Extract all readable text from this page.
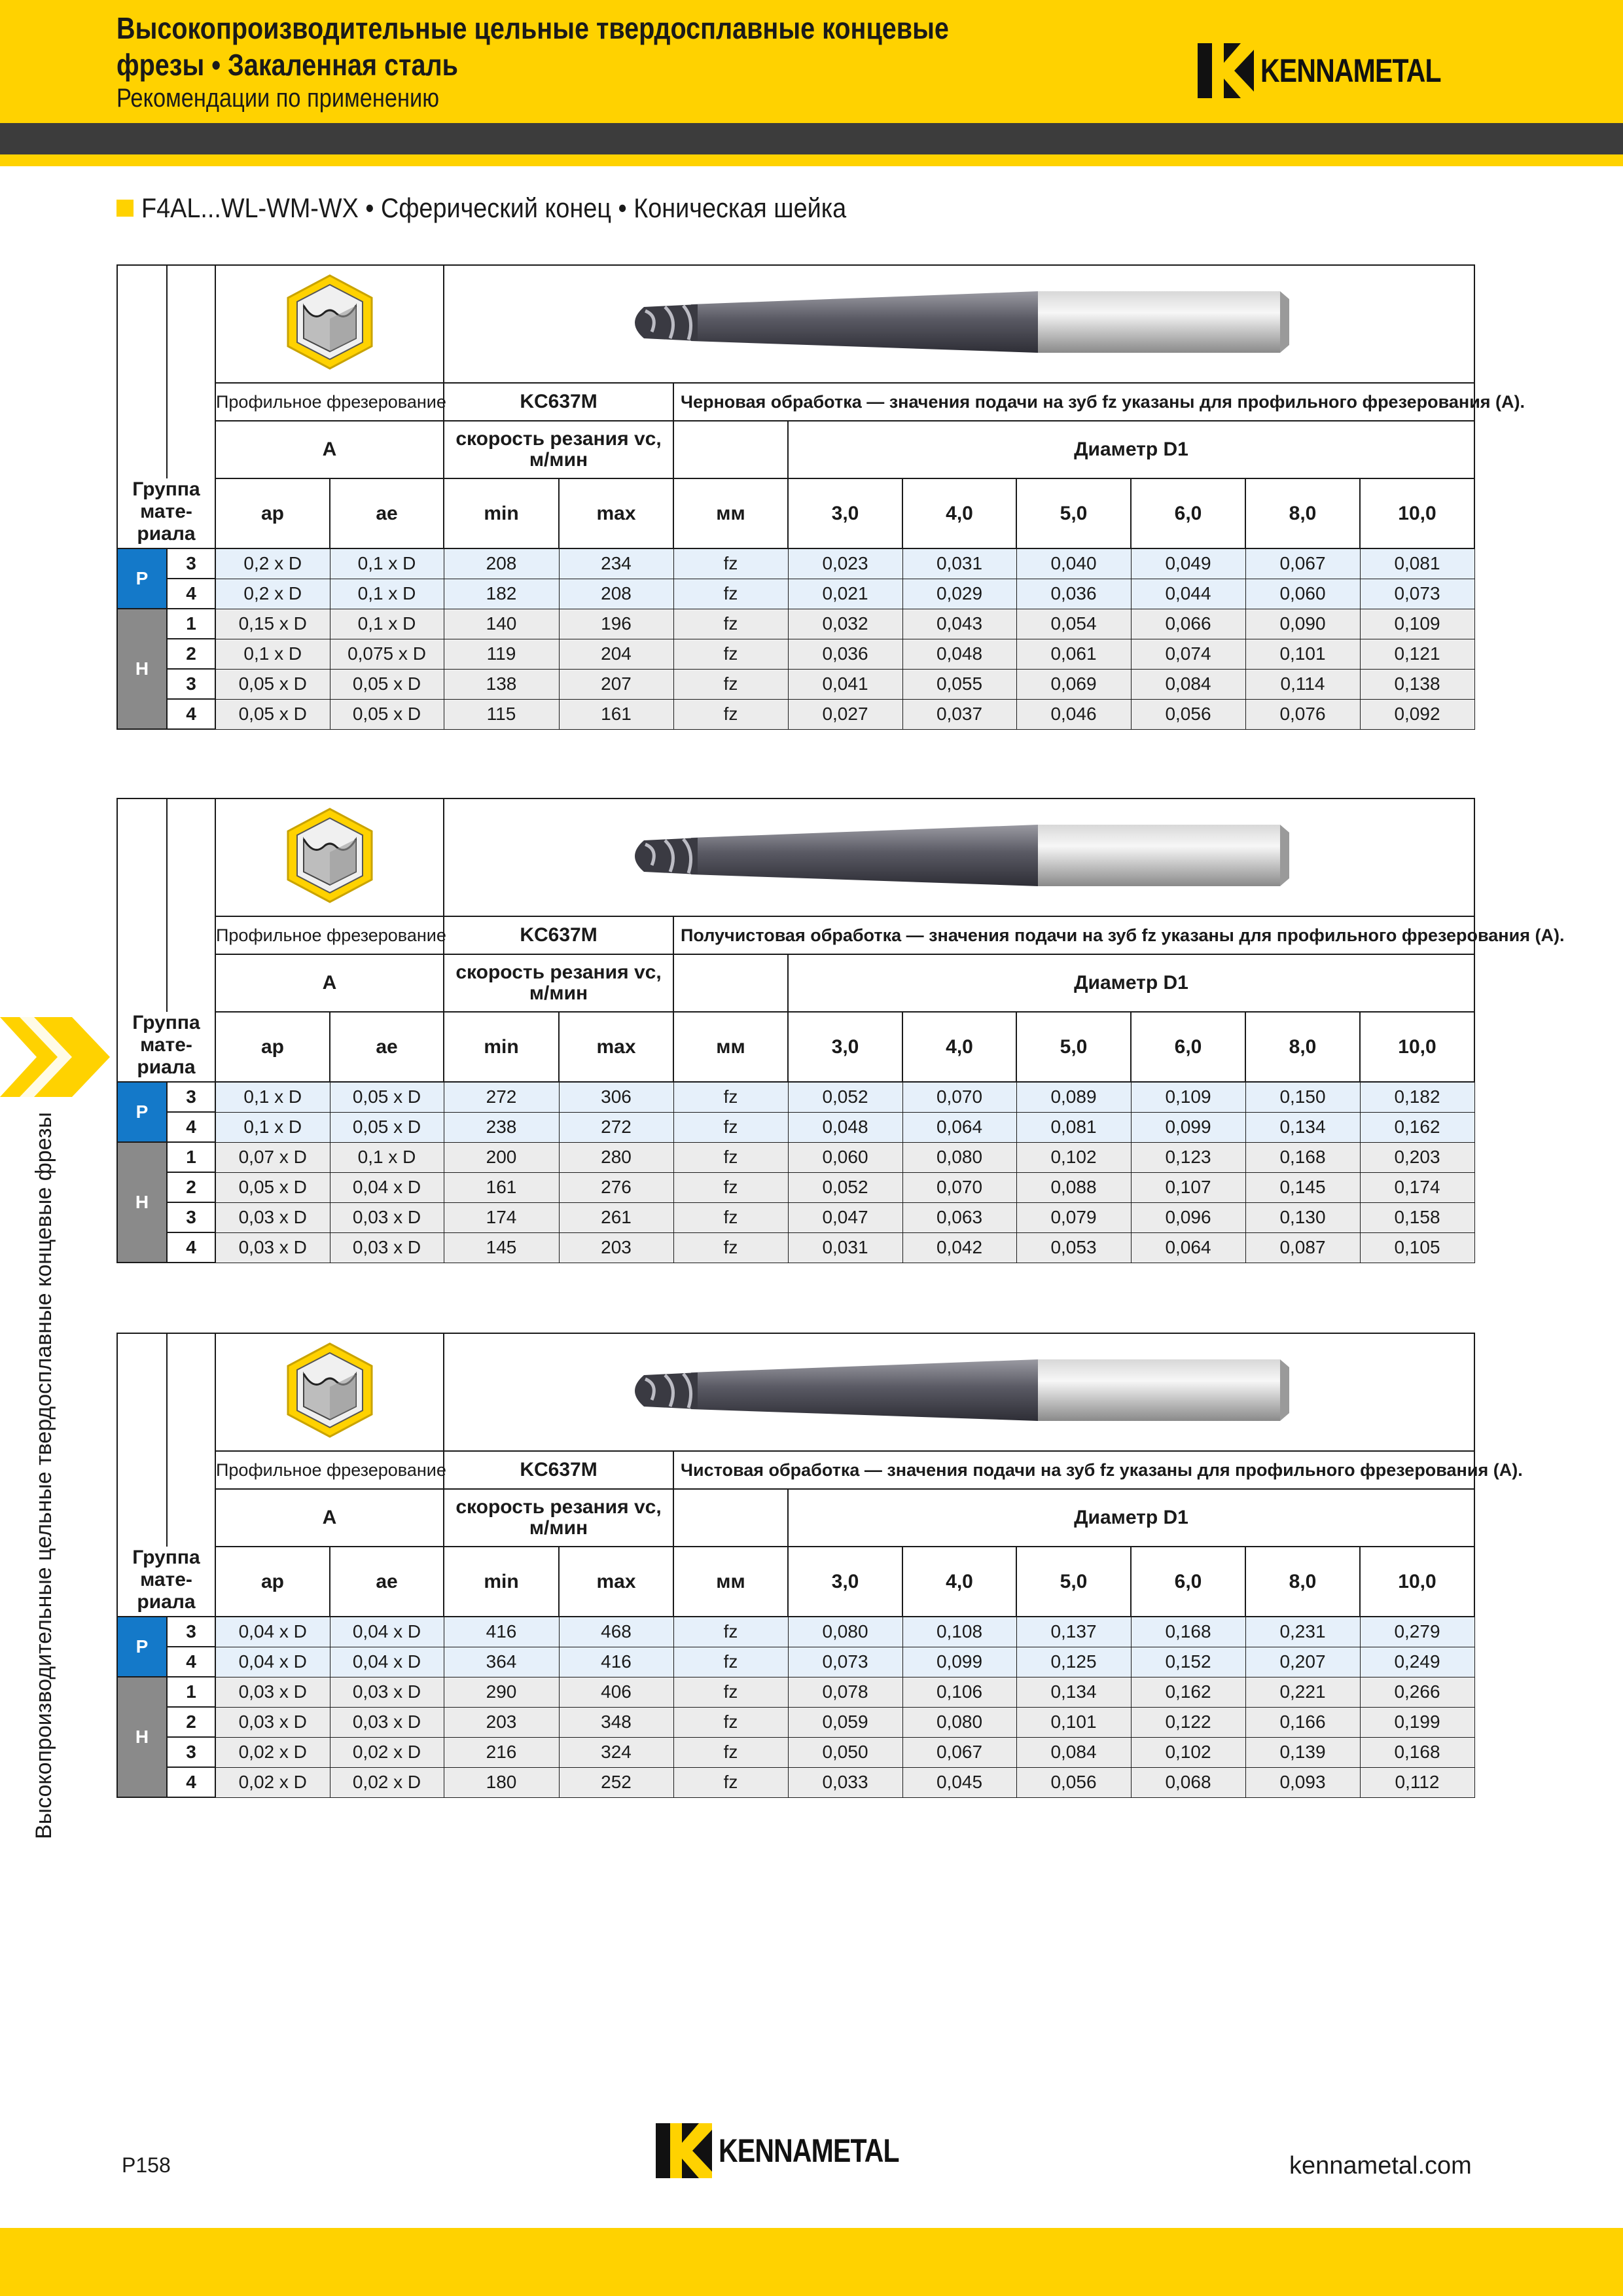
Высокопроизводительные цельные твердосплавные концевые
фрезы • Закаленная сталь
Рекомендации по применению
KENNAMETAL
F4AL...WL-WM-WX • Сферический конец • Коническая шейка
Высокопроизводительные цельные твердосплавные концевые фрезы

		Профильное фрезерование		KC637M		Черновая обработка — значения подачи на зуб fz указаны для профильного фрезерования (А).						
		A		скорость резания vc, м/мин			Диаметр D1					
Группа мате-риала		ap	ae	min	max	мм	3,0	4,0	5,0	6,0	8,0	10,0
P	3	0,2 x D	0,1 x D	208	234	fz	0,023	0,031	0,040	0,049	0,067	0,081
	4	0,2 x D	0,1 x D	182	208	fz	0,021	0,029	0,036	0,044	0,060	0,073
H	1	0,15 x D	0,1 x D	140	196	fz	0,032	0,043	0,054	0,066	0,090	0,109
	2	0,1 x D	0,075 x D	119	204	fz	0,036	0,048	0,061	0,074	0,101	0,121
	3	0,05 x D	0,05 x D	138	207	fz	0,041	0,055	0,069	0,084	0,114	0,138
	4	0,05 x D	0,05 x D	115	161	fz	0,027	0,037	0,046	0,056	0,076	0,092

		Профильное фрезерование		KC637M		Получистовая обработка — значения подачи на зуб fz указаны для профильного фрезерования (А).						
		A		скорость резания vc, м/мин			Диаметр D1					
Группа мате-риала		ap	ae	min	max	мм	3,0	4,0	5,0	6,0	8,0	10,0
P	3	0,1 x D	0,05 x D	272	306	fz	0,052	0,070	0,089	0,109	0,150	0,182
	4	0,1 x D	0,05 x D	238	272	fz	0,048	0,064	0,081	0,099	0,134	0,162
H	1	0,07 x D	0,1 x D	200	280	fz	0,060	0,080	0,102	0,123	0,168	0,203
	2	0,05 x D	0,04 x D	161	276	fz	0,052	0,070	0,088	0,107	0,145	0,174
	3	0,03 x D	0,03 x D	174	261	fz	0,047	0,063	0,079	0,096	0,130	0,158
	4	0,03 x D	0,03 x D	145	203	fz	0,031	0,042	0,053	0,064	0,087	0,105

		Профильное фрезерование		KC637M		Чистовая обработка — значения подачи на зуб fz указаны для профильного фрезерования (А).						
		A		скорость резания vc, м/мин			Диаметр D1					
Группа мате-риала		ap	ae	min	max	мм	3,0	4,0	5,0	6,0	8,0	10,0
P	3	0,04 x D	0,04 x D	416	468	fz	0,080	0,108	0,137	0,168	0,231	0,279
	4	0,04 x D	0,04 x D	364	416	fz	0,073	0,099	0,125	0,152	0,207	0,249
H	1	0,03 x D	0,03 x D	290	406	fz	0,078	0,106	0,134	0,162	0,221	0,266
	2	0,03 x D	0,03 x D	203	348	fz	0,059	0,080	0,101	0,122	0,166	0,199
	3	0,02 x D	0,02 x D	216	324	fz	0,050	0,067	0,084	0,102	0,139	0,168
	4	0,02 x D	0,02 x D	180	252	fz	0,033	0,045	0,056	0,068	0,093	0,112
P158	KENNAMETAL	kennametal.com
